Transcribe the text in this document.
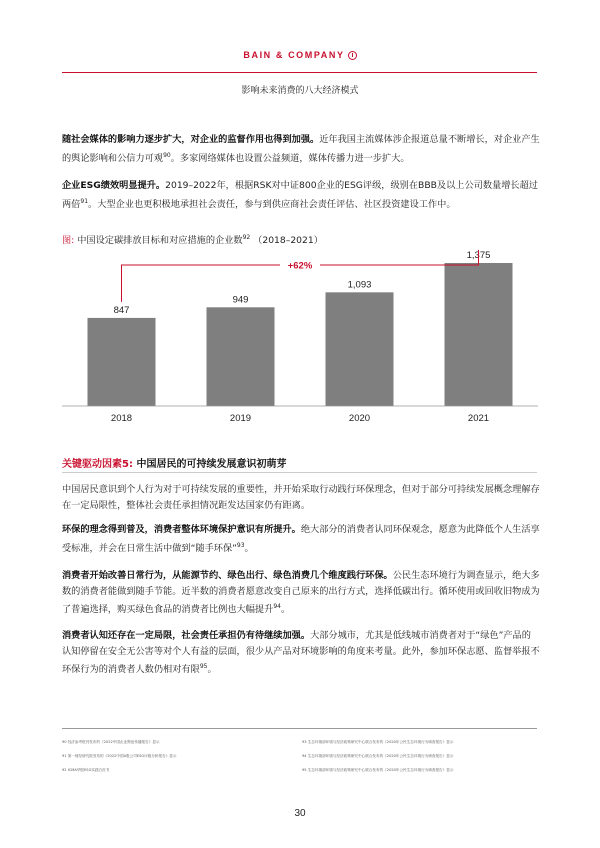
BAIN & COMPANY
影响未来消费的八大经济模式
随社会媒体的影响力逐步扩大，对企业的监督作用也得到加强。近年我国主流媒体涉企报道总量不断增长，对企业产生的舆论影响和公信力可观$^{90}$。多家网络媒体也设置公益频道，媒体传播力进一步扩大。
企业ESG绩效明显提升。2019–2022年，根据RSK对中证800企业的ESG评级，级别在BBB及以上公司数量增长超过两倍$^{91}$。大型企业也更积极地承担社会责任，参与到供应商社会责任评估、社区投资建设工作中。
图: 中国设定碳排放目标和对应措施的企业数$^{92}$ （2018–2021）
847
2018
949
2019
1,093
2020
1,375
2021
+62%
关键驱动因素5: 中国居民的可持续发展意识初萌芽
中国居民意识到个人行为对于可持续发展的重要性，并开始采取行动践行环保理念，但对于部分可持续发展概念理解存在一定局限性，整体社会责任承担情况距发达国家仍有距离。
环保的理念得到普及，消费者整体环境保护意识有所提升。绝大部分的消费者认同环保观念，愿意为此降低个人生活享受标准，并会在日常生活中做到“随手环保”$^{93}$。
消费者开始改善日常行为，从能源节约、绿色出行、绿色消费几个维度践行环保。公民生态环境行为调查显示，绝大多数的消费者能做到随手节能。近半数的消费者愿意改变自己原来的出行方式，选择低碳出行。循环使用或回收旧物成为了普遍选择，购买绿色食品的消费者比例也大幅提升$^{94}$。
消费者认知还存在一定局限，社会责任承担仍有待继续加强。大部分城市，尤其是低线城市消费者对于“绿色”产品的认知停留在安全无公害等对个人有益的层面，很少从产品对环境影响的角度来考量。此外，参加环保志愿、监督举报不环保行为的消费者人数仍相对有限$^{95}$。
90 经济参考报刊发布的《2022中国企业舆论传播报告》显示
91 第一财经研究院发布的《2022中国A股公司ESG评级分析报告》显示
92 ICMA华股ESG实践白皮书
93 生态环境部环境与经济政策研究中心联合发布的《2020年公民生态环境行为调查报告》显示
94 生态环境部环境与经济政策研究中心联合发布的《2020年公民生态环境行为调查报告》显示
95 生态环境部环境与经济政策研究中心联合发布的《2020年公民生态环境行为调查报告》显示
30
